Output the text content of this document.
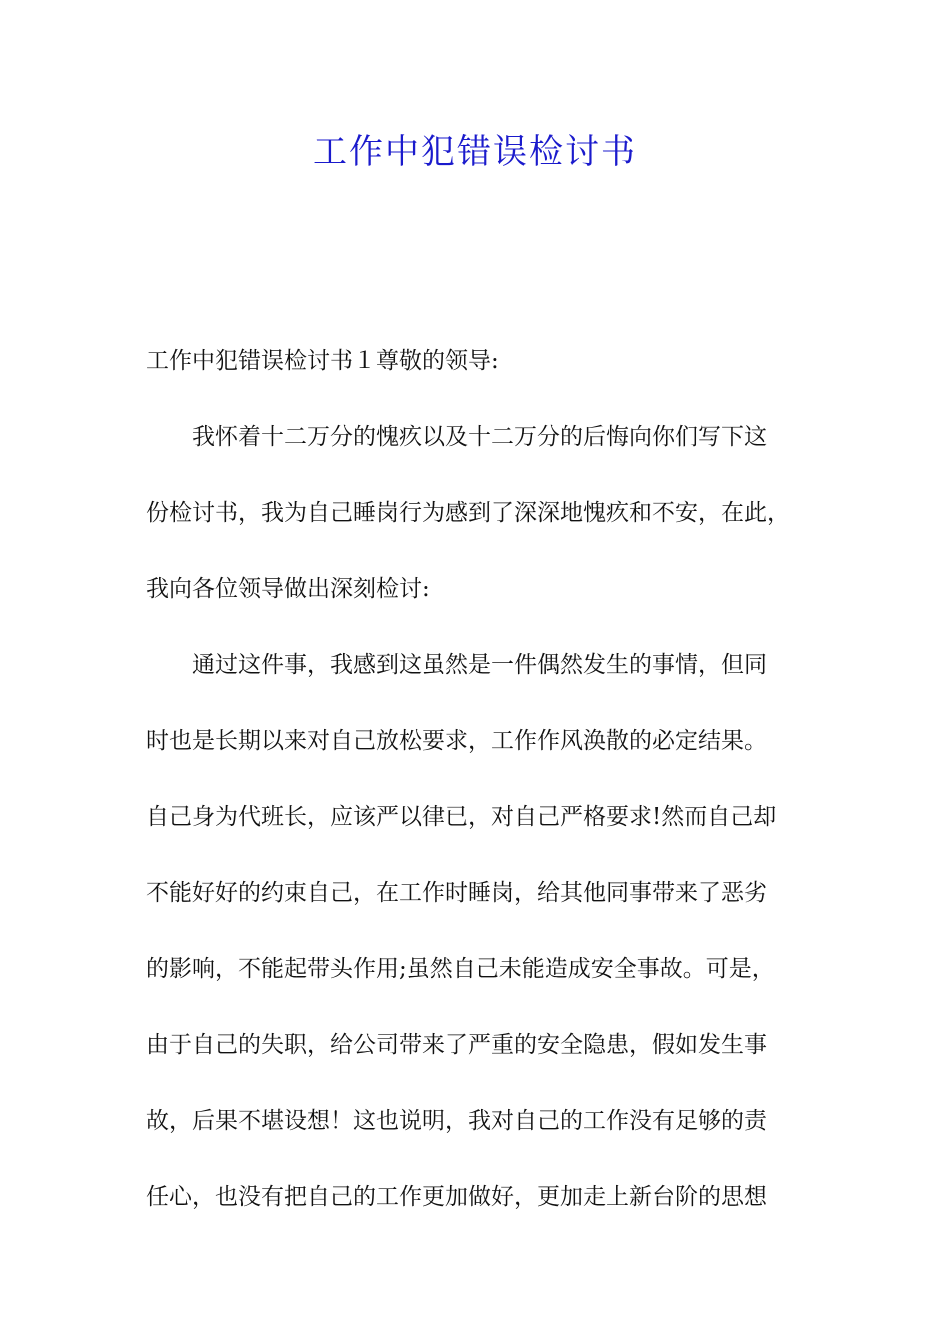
工作中犯错误检讨书
工作中犯错误检讨书１尊敬的领导:
我怀着十二万分的愧疚以及十二万分的后悔向你们写下这
份检讨书，我为自己睡岗行为感到了深深地愧疚和不安，在此，
我向各位领导做出深刻检讨:
通过这件事，我感到这虽然是一件偶然发生的事情，但同
时也是长期以来对自己放松要求，工作作风涣散的必定结果。
自己身为代班长，应该严以律已，对自己严格要求!然而自己却
不能好好的约束自己，在工作时睡岗，给其他同事带来了恶劣
的影响，不能起带头作用;虽然自己未能造成安全事故。可是，
由于自己的失职，给公司带来了严重的安全隐患，假如发生事
故，后果不堪设想！这也说明，我对自己的工作没有足够的责
任心，也没有把自己的工作更加做好，更加走上新台阶的思想
